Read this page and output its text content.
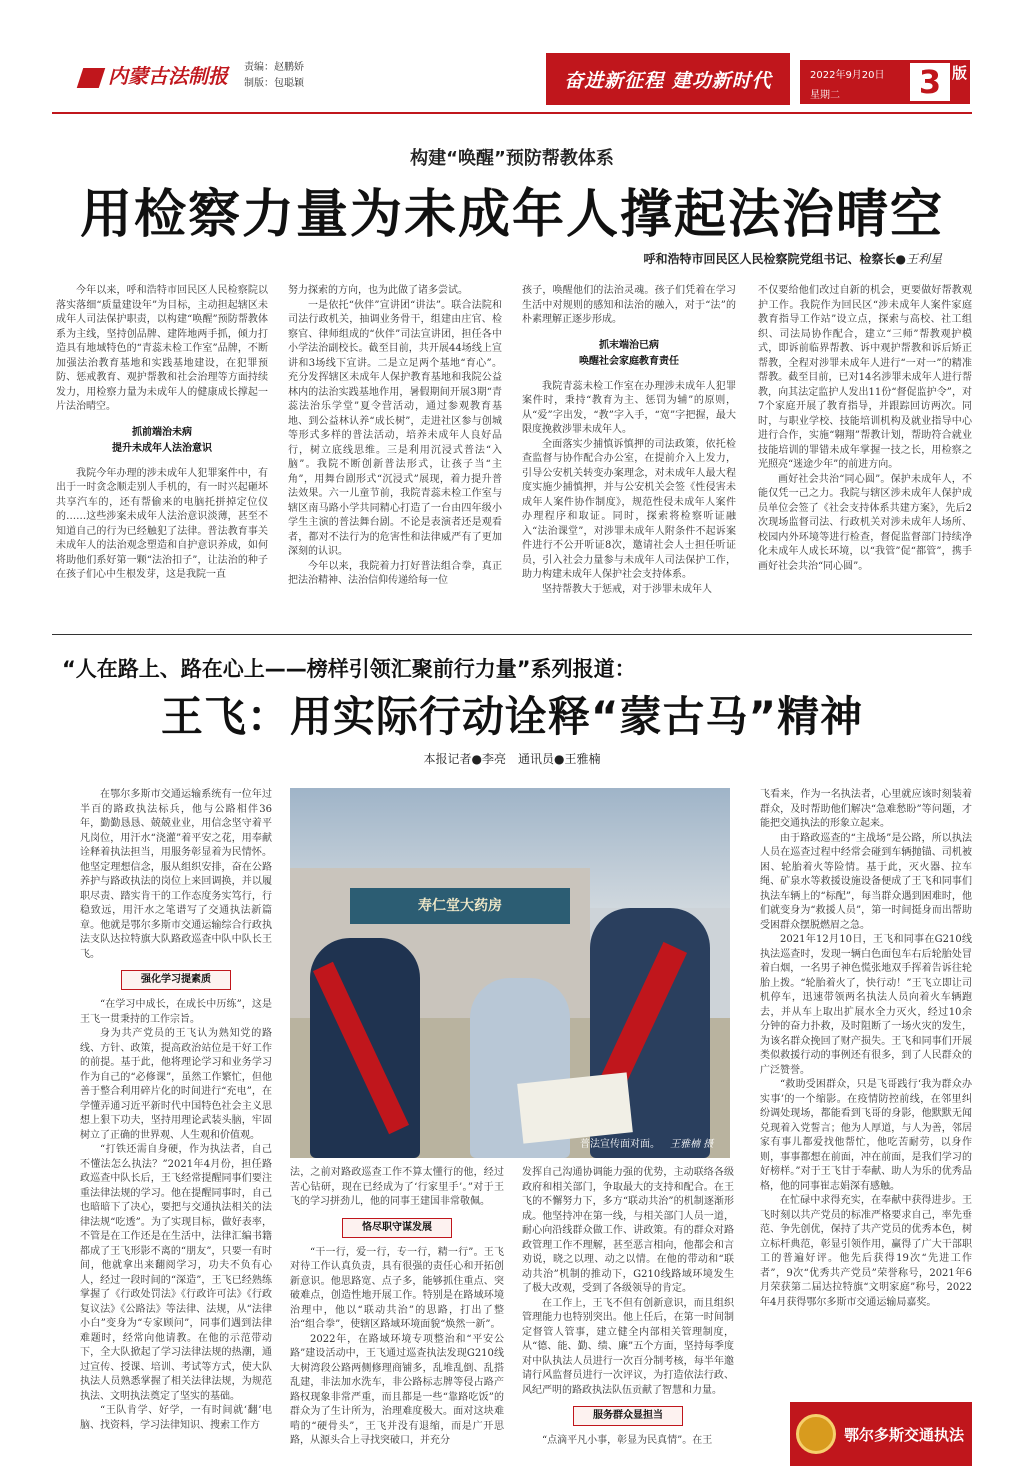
内蒙古法制报 责编：赵鹏娇
制版：包聪颖	奋进新征程 建功新时代	2022年9月20日
星期二 3 版
构建“唤醒”预防帮教体系
用检察力量为未成年人撑起法治晴空
呼和浩特市回民区人民检察院党组书记、检察长●王利星

今年以来，呼和浩特市回民区人民检察院以落实落细“质量建设年”为目标，主动担起辖区未成年人司法保护职责，以构建“唤醒”预防帮教体系为主线，坚持创品牌、建阵地两手抓，倾力打造具有地域特色的“青蕊未检工作室”品牌，不断加强法治教育基地和实践基地建设，在犯罪预防、惩戒教育、观护帮教和社会治理等方面持续发力，用检察力量为未成年人的健康成长撑起一片法治晴空。

抓前端治未病
提升未成年人法治意识

我院今年办理的涉未成年人犯罪案件中，有出于一时贪念顺走别人手机的，有一时兴起砸坏共享汽车的，还有帮偷来的电脑托拼掉定位仪的……这些涉案未成年人法治意识淡薄，甚至不知道自己的行为已经触犯了法律。普法教育事关未成年人的法治观念塑造和自护意识养成，如何将助他们系好第一颗“法治扣子”，让法治的种子在孩子们心中生根发芽，这是我院一直

努力探索的方向，也为此做了诸多尝试。

一是依托“伙伴”宣讲团“讲法”。联合法院和司法行政机关，抽调业务骨干，组建由庄官、检察官、律师组成的“伙伴”司法宣讲团，担任各中小学法治副校长。截至目前，共开展44场线上宣讲和3场线下宣讲。二是立足两个基地“育心”。充分发挥辖区未成年人保护教育基地和我院公益林内的法治实践基地作用，暑假期间开展3期“青蕊法治乐学堂”夏令营活动，通过参观教育基地、到公益林认养“成长树”，走进社区参与创城等形式多样的普法活动，培养未成年人良好品行，树立底线思维。三是利用沉浸式普法“入脑”。我院不断创新普法形式，让孩子当“主角”，用舞台剧形式“沉浸式”展现，着力提升普法效果。六一儿童节前，我院青蕊未检工作室与辖区南马路小学共同精心打造了一台由四年级小学生主演的普法舞台剧。不论是表演者还是观看者，都对不法行为的危害性和法律威严有了更加深刻的认识。

今年以来，我院着力打好普法组合拳，真正把法治精神、法治信仰传递给每一位

孩子，唤醒他们的法治灵魂。孩子们凭着在学习生活中对规则的感知和法治的融入，对于“法”的朴素理解正逐步形成。

抓末端治已病
唤醒社会家庭教育责任

我院青蕊未检工作室在办理涉未成年人犯罪案件时，秉持“教育为主、惩罚为辅”的原则，从“爱”字出发，“教”字入手，“宽”字把握，最大限度挽救涉罪未成年人。

全面落实少捕慎诉慎押的司法政策，依托检查监督与协作配合办公室，在提前介入上发力，引导公安机关转变办案理念，对未成年人最大程度实施少捕慎押，并与公安机关会签《性侵害未成年人案件协作制度》，规范性侵未成年人案件办理程序和取证。同时，探索将检察听证融入“法治课堂”，对涉罪未成年人附条件不起诉案件进行不公开听证8次，邀请社会人士担任听证员，引入社会力量参与未成年人司法保护工作，助力构建未成年人保护社会支持体系。

坚持帮教大于惩戒，对于涉罪未成年人

不仅要给他们改过自新的机会，更要做好帮教观护工作。我院作为回民区“涉未成年人案件家庭教育指导工作站”设立点，探索与高校、社工组织、司法局协作配合，建立“三师”帮教观护模式，即诉前临界帮教、诉中观护帮教和诉后矫正帮教，全程对涉罪未成年人进行“一对一”的精准帮教。截至目前，已对14名涉罪未成年人进行帮教，向其法定监护人发出11份“督促监护令”，对7个家庭开展了教育指导，并跟踪回访两次。同时，与职业学校、技能培训机构及就业指导中心进行合作，实施“翱翔”帮教计划，帮助符合就业技能培训的罪错未成年掌握一技之长，用检察之光照亮“迷途少年”的前进方向。

画好社会共治“同心圆”。保护未成年人，不能仅凭一己之力。我院与辖区涉未成年人保护成员单位会签了《社会支持体系共建方案》，先后2次现场监督司法、行政机关对涉未成年人场所、校园内外环境等进行检查，督促监督部门持续净化未成年人成长环境，以“我管”促“都管”，携手画好社会共治“同心圆”。

“人在路上、路在心上——榜样引领汇聚前行力量”系列报道：
王飞：用实际行动诠释“蒙古马”精神
本报记者●李亮　通讯员●王雅楠

在鄂尔多斯市交通运输系统有一位年过半百的路政执法标兵，他与公路相伴36年，勤勤恳恳、兢兢业业，用信念坚守着平凡岗位，用汗水“浇灌”着平安之花，用奉献诠释着执法担当，用服务彰显着为民情怀。他坚定理想信念，服从组织安排，奋在公路养护与路政执法的岗位上来回调换，并以履职尽责、踏实肯干的工作态度务实笃行，行稳致远，用汗水之笔谱写了交通执法新篇章。他就是鄂尔多斯市交通运输综合行政执法支队达拉特旗大队路政巡查中队中队长王飞。

强化学习提素质

“在学习中成长，在成长中历练”，这是王飞一贯秉持的工作宗旨。

身为共产党员的王飞认为熟知党的路线、方针、政策，提高政治站位是干好工作的前提。基于此，他将理论学习和业务学习作为自己的“必修课”，虽然工作繁忙，但他善于整合利用碎片化的时间进行“充电”，在学懂弄通习近平新时代中国特色社会主义思想上狠下功夫，坚持用理论武装头脑，牢固树立了正确的世界观、人生观和价值观。

“打铁还需自身硬，作为执法者，自己不懂法怎么执法？”2021年4月份，担任路政巡查中队长后，王飞经常提醒同事们要注重法律法规的学习。他在提醒同事时，自己也暗暗下了决心，要把与交通执法相关的法律法规“吃透”。为了实现目标，做好表率，不管是在工作还是在生活中，法律汇编书籍都成了王飞形影不离的“朋友”，只要一有时间，他就拿出来翻阅学习，功夫不负有心人，经过一段时间的“深造”，王飞已经熟练掌握了《行政处罚法》《行政许可法》《行政复议法》《公路法》等法律、法规，从“法律小白”变身为“专家顾问”，同事们遇到法律难题时，经常向他请教。在他的示范带动下，全大队掀起了学习法律法规的热潮，通过宣传、授课、培训、考试等方式，使大队执法人员熟悉掌握了相关法律法规，为规范执法、文明执法奠定了坚实的基础。

“王队肯学、好学，一有时间就‘翻’电脑、找资料，学习法律知识、搜索工作方

寿仁堂大药房
普法宣传面对面。 王雅楠 摄

法，之前对路政巡查工作不算太懂行的他，经过苦心钻研，现在已经成为了‘行家里手’。”对于王飞的学习拼劲儿，他的同事王建国非常敬佩。

恪尽职守谋发展

“干一行，爱一行，专一行，精一行”。王飞对待工作认真负责，具有很强的责任心和开拓创新意识。他思路宽、点子多，能够抓住重点、突破难点，创造性地开展工作。特别是在路域环境治理中，他以“联动共治”的思路，打出了整治“组合拳”，使辖区路域环境面貌“焕然一新”。

2022年，在路域环境专项整治和“平安公路”建设活动中，王飞通过巡查执法发现G210线大树湾段公路两侧修理商铺多，乱堆乱倒、乱搭乱建，非法加水洗车，非公路标志牌等侵占路产路权现象非常严重，而且都是一些“靠路吃饭”的群众为了生计所为，治理难度极大。面对这块难啃的“硬骨头”，王飞并没有退缩，而是广开思路，从源头合上寻找突破口，并充分

发挥自己沟通协调能力强的优势，主动联络各级政府和相关部门，争取最大的支持和配合。在王飞的不懈努力下，多方“联动共治”的机制逐渐形成。他坚持冲在第一线，与相关部门人员一道，耐心向沿线群众做工作、讲政策。有的群众对路政管理工作不理解，甚至恶言相向，他都会和言劝说，晓之以理、动之以情。在他的带动和“联动共治”机制的推动下，G210线路域环境发生了极大改观，受到了各级领导的肯定。

在工作上，王飞不但有创新意识，而且组织管理能力也特别突出。他上任后，在第一时间制定督管人管事，建立健全内部相关管理制度，从“德、能、勤、绩、廉”五个方面，坚持每季度对中队执法人员进行一次百分制考核，每半年邀请行风监督员进行一次评议，为打造依法行政、风纪严明的路政执法队伍贡献了智慧和力量。

服务群众显担当

“点滴平凡小事，彰显为民真情”。在王

飞看来，作为一名执法者，心里就应该时刻装着群众，及时帮助他们解决“急难愁盼”等问题，才能把交通执法的形象立起来。

由于路政巡查的“主战场”是公路，所以执法人员在巡查过程中经常会碰到车辆抛锚、司机被困、轮胎着火等险情。基于此，灭火器、拉车绳、矿泉水等救援设施设备便成了王飞和同事们执法车辆上的“标配”，每当群众遇到困难时，他们就变身为“救援人员”，第一时间挺身而出帮助受困群众摆脱燃眉之急。

2021年12月10日，王飞和同事在G210线执法巡查时，发现一辆白色面包车右后轮胎处冒着白烟，一名男子神色慌张地双手挥着告诉往轮胎上拨。“轮胎着火了，快行动！”王飞立即让司机停车，迅速带领两名执法人员向着火车辆跑去，并从车上取出扩展水全力灭火，经过10余分钟的奋力扑救，及时阻断了一场火灾的发生，为该名群众挽回了财产损失。王飞和同事们开展类似救援行动的事例还有很多，到了人民群众的广泛赞誉。

“救助受困群众，只是飞哥践行‘我为群众办实事’的一个缩影。在疫情防控前线，在邻里纠纷调处现场，都能看到飞哥的身影，他默默无闻兑现着入党誓言；他为人厚道，与人为善，邻居家有事儿都爱找他帮忙，他吃苦耐劳，以身作则，事事都想在前面，冲在前面，是我们学习的好榜样。”对于王飞甘于奉献、助人为乐的优秀品格，他的同事崔志娟深有感触。

在忙碌中求得充实，在奉献中获得进步。王飞时刻以共产党员的标准严格要求自己，率先垂范、争先创优，保持了共产党员的优秀本色，树立标杆典范，彰显引领作用，赢得了广大干部职工的普遍好评。他先后获得19次“先进工作者”，9次“优秀共产党员”荣誉称号，2021年6月荣获第二届达拉特旗“文明家庭”称号，2022年4月获得鄂尔多斯市交通运输局嘉奖。

鄂尔多斯交通执法
